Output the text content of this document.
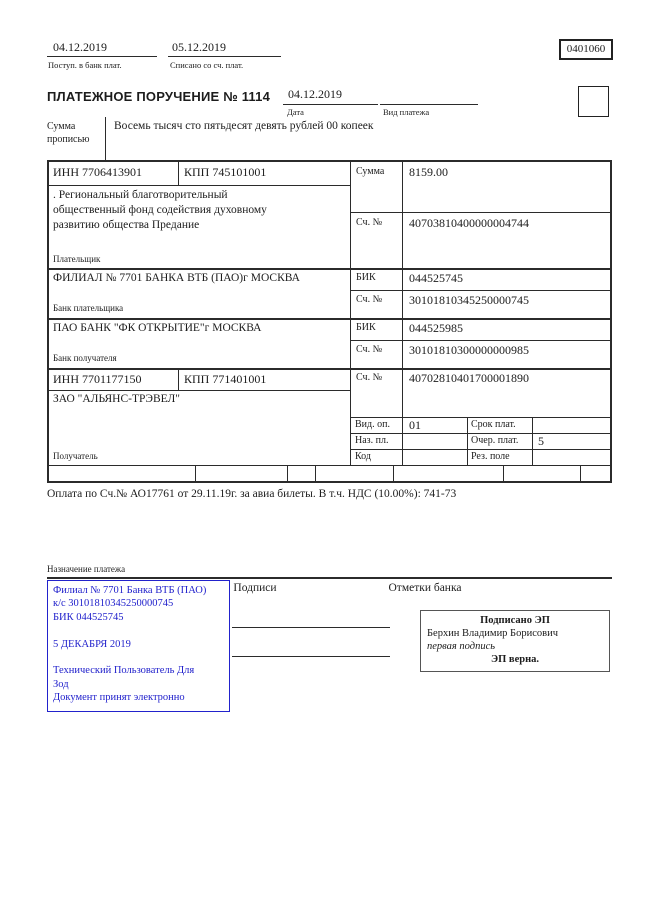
04.12.2019
Поступ. в банк плат.
05.12.2019
Списано со сч. плат.
0401060
ПЛАТЕЖНОЕ ПОРУЧЕНИЕ № 1114 04.12.2019
Дата	Вид платежа
Сумма прописью
Восемь тысяч сто пятьдесят девять рублей 00 копеек
ИНН 7706413901	КПП 745101001	Сумма 8159.00
. Региональный благотворительный
общественный фонд содействия духовному
развитию общества Предание	Сч. № 40703810400000004744
Плательщик
ФИЛИАЛ № 7701 БАНКА ВТБ (ПАО)г МОСКВА	БИК	044525745
Сч. № 30101810345250000745
Банк плательщика
ПАО БАНК "ФК ОТКРЫТИЕ"г МОСКВА	БИК	044525985
Сч. № 30101810300000000985
Банк получателя
ИНН 7701177150	КПП 771401001	Сч. № 40702810401700001890
ЗАО "АЛЬЯНС-ТРЭВЕЛ"
Получатель
Вид. оп. 01	Срок плат.
Наз. пл.	Очер. плат. 5
Код	Рез. поле
Оплата по Сч.№ АО17761 от 29.11.19г. за авиа билеты. В т.ч. НДС (10.00%): 741-73
Назначение платежа
Подписи	Отметки банка
Филиал № 7701 Банка ВТБ (ПАО)
к/с 30101810345250000745
БИК 044525745
5 ДЕКАБРЯ 2019
Технический Пользователь Для
Зод
Документ принят электронно
Подписано ЭП
Берхин Владимир Борисович
первая подпись
ЭП верна.
